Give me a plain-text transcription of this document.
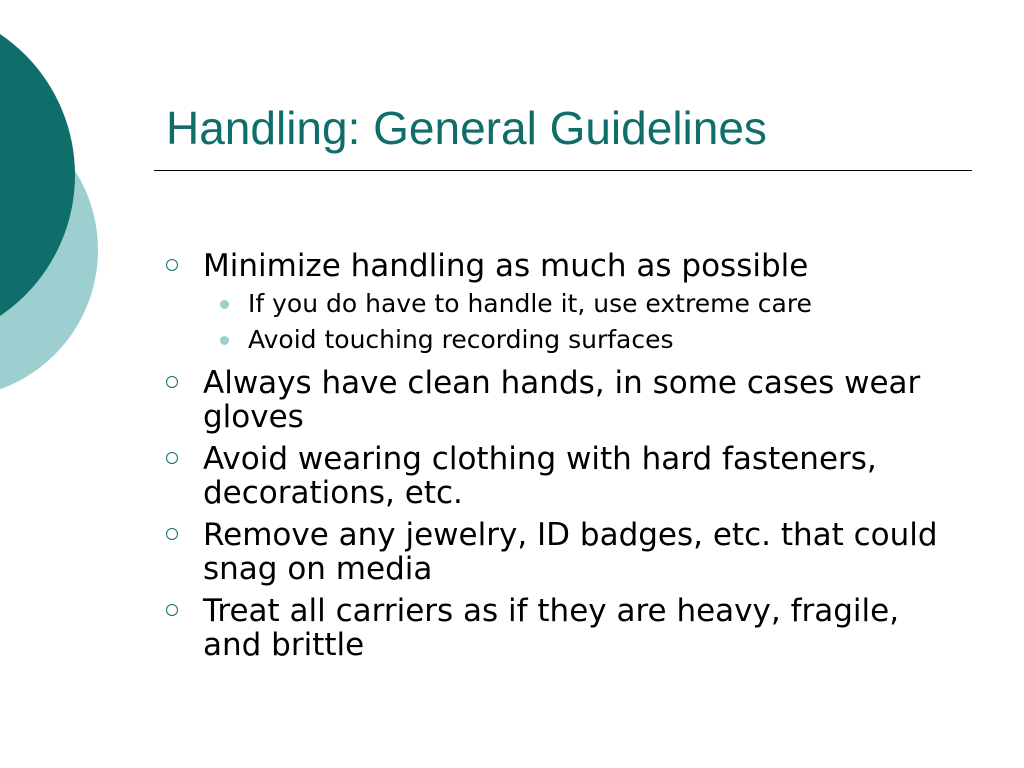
Handling: General Guidelines
Minimize handling as much as possible
If you do have to handle it, use extreme care
Avoid touching recording surfaces
Always have clean hands, in some cases wear gloves
Avoid wearing clothing with hard fasteners, decorations, etc.
Remove any jewelry, ID badges, etc. that could snag on media
Treat all carriers as if they are heavy, fragile, and brittle
